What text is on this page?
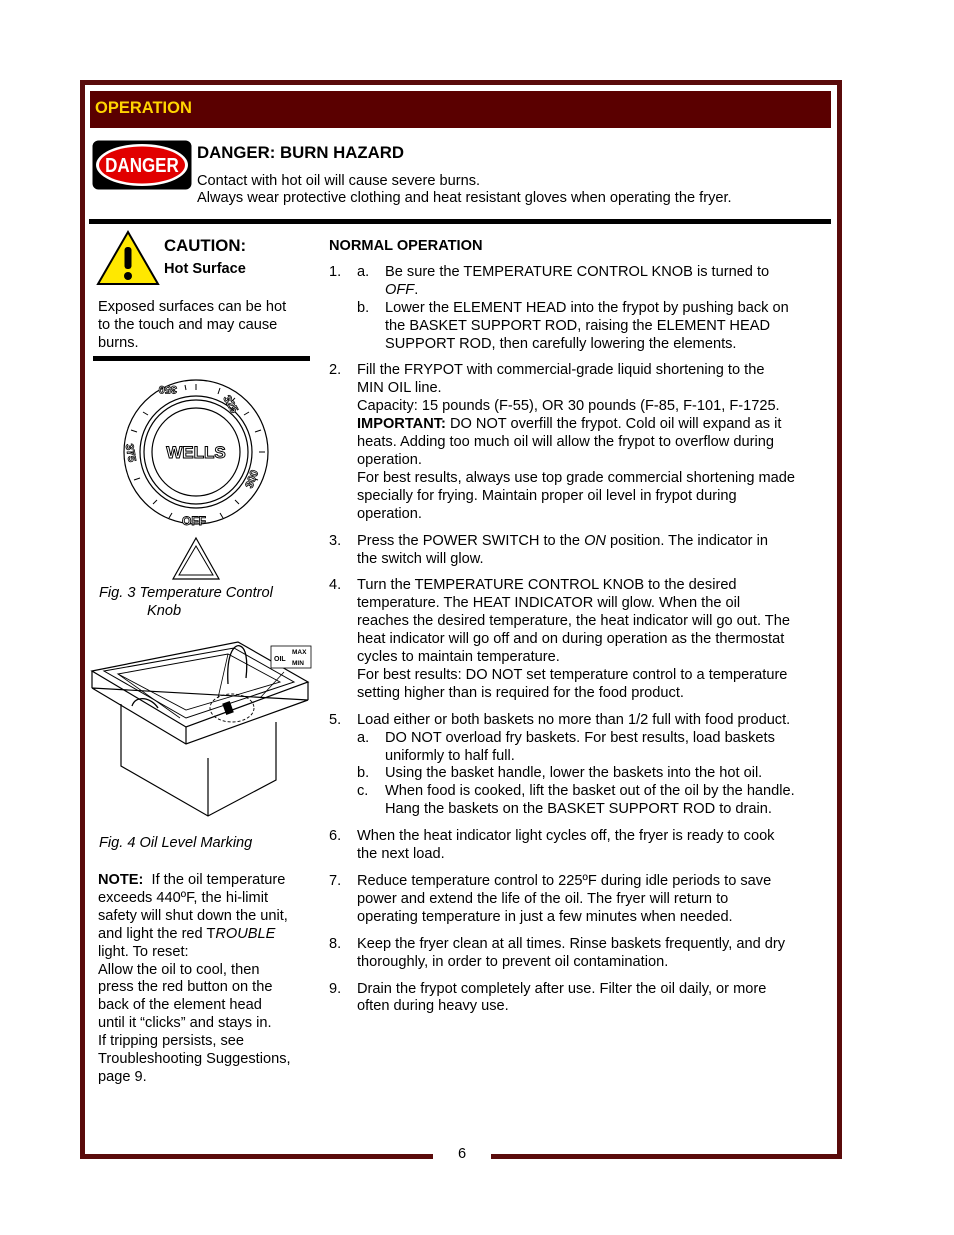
6
OPERATION
DANGER
DANGER: BURN HAZARD
Contact with hot oil will cause severe burns.
Always wear protective clothing and heat resistant gloves when operating the fryer.
CAUTION:
Hot Surface
Exposed surfaces can be hot
to the touch and may cause
burns.
350
325
300
375 WELLS
OFF
Fig. 3 Temperature Control
Knob
OIL
MAX
MIN
Fig. 4 Oil Level Marking
NOTE: If the oil temperature
exceeds 440ºF, the hi-limit
safety will shut down the unit,
and light the red TROUBLE
light. To reset:
Allow the oil to cool, then
press the red button on the
back of the element head
until it “clicks” and stays in.
If tripping persists, see
Troubleshooting Suggestions,
page 9.
NORMAL OPERATION
1. a. Be sure the TEMPERATURE CONTROL KNOB is turned to
OFF.
b. Lower the ELEMENT HEAD into the frypot by pushing back on
the BASKET SUPPORT ROD, raising the ELEMENT HEAD
SUPPORT ROD, then carefully lowering the elements.
2. Fill the FRYPOT with commercial-grade liquid shortening to the
MIN OIL line.
Capacity: 15 pounds (F-55), OR 30 pounds (F-85, F-101, F-1725.
IMPORTANT: DO NOT overfill the frypot. Cold oil will expand as it
heats. Adding too much oil will allow the frypot to overflow during
operation.
For best results, always use top grade commercial shortening made
specially for frying. Maintain proper oil level in frypot during
operation.
3. Press the POWER SWITCH to the ON position. The indicator in
the switch will glow.
4. Turn the TEMPERATURE CONTROL KNOB to the desired
temperature. The HEAT INDICATOR will glow. When the oil
reaches the desired temperature, the heat indicator will go out. The
heat indicator will go off and on during operation as the thermostat
cycles to maintain temperature.
For best results: DO NOT set temperature control to a temperature
setting higher than is required for the food product.
5. Load either or both baskets no more than 1/2 full with food product.
a. DO NOT overload fry baskets. For best results, load baskets
uniformly to half full.
b. Using the basket handle, lower the baskets into the hot oil.
c. When food is cooked, lift the basket out of the oil by the handle.
Hang the baskets on the BASKET SUPPORT ROD to drain.
6. When the heat indicator light cycles off, the fryer is ready to cook
the next load.
7. Reduce temperature control to 225ºF during idle periods to save
power and extend the life of the oil. The fryer will return to
operating temperature in just a few minutes when needed.
8. Keep the fryer clean at all times. Rinse baskets frequently, and dry
thoroughly, in order to prevent oil contamination.
9. Drain the frypot completely after use. Filter the oil daily, or more
often during heavy use.
